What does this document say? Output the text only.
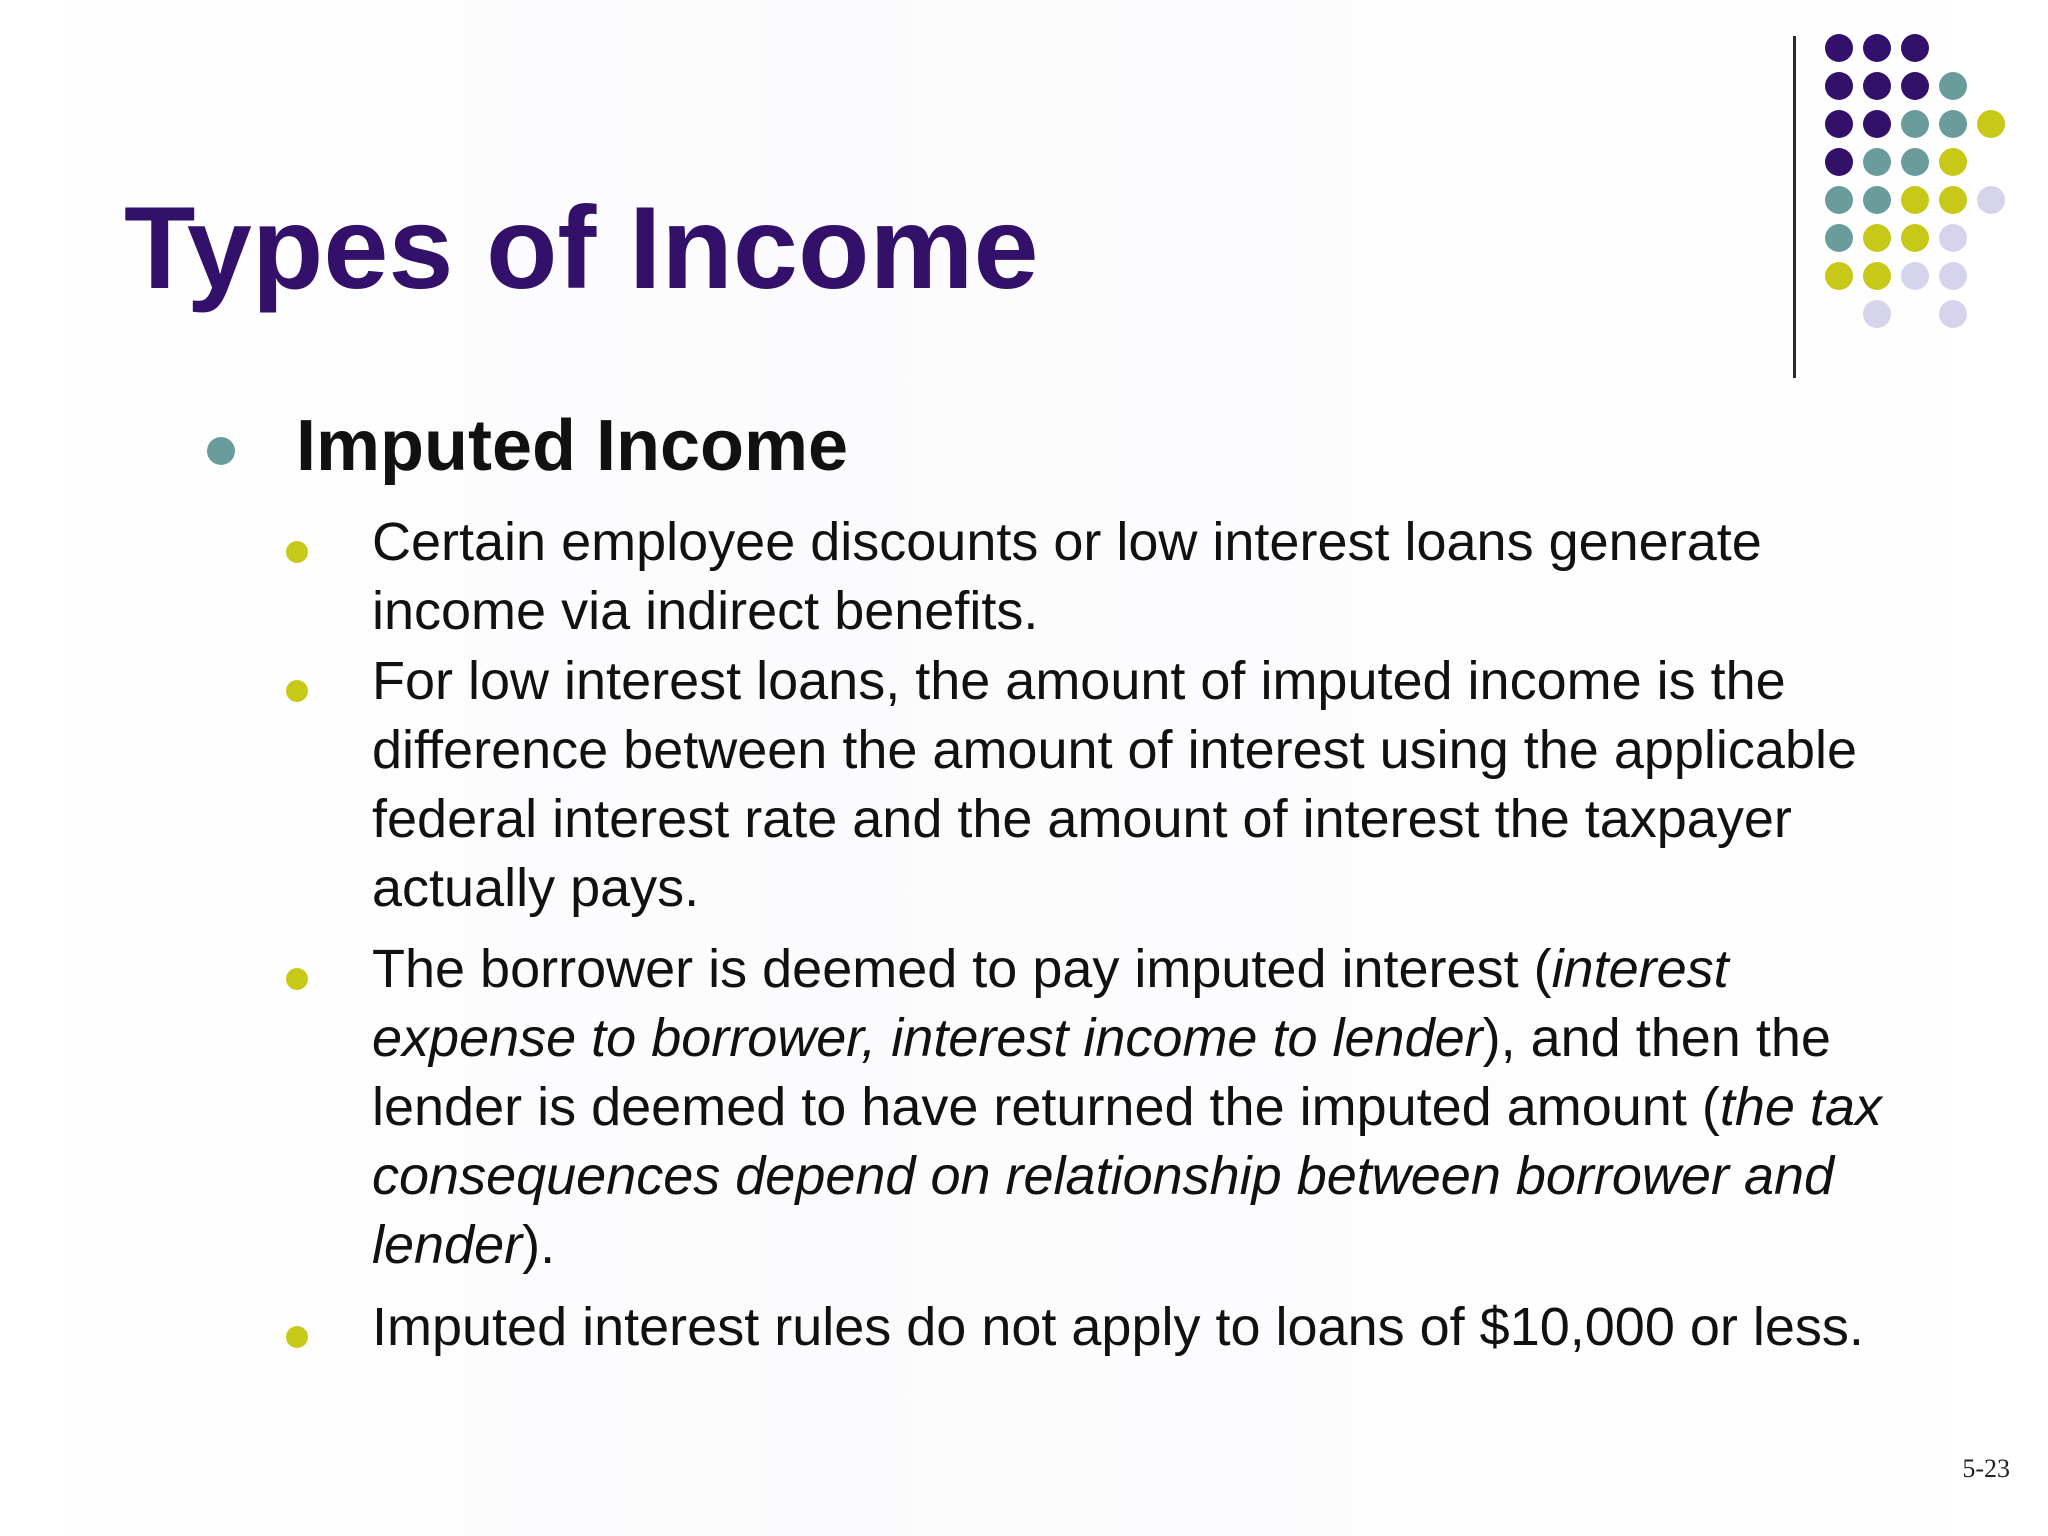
Types of Income
Imputed Income
Certain employee discounts or low interest loans generate income via indirect benefits.
For low interest loans, the amount of imputed income is the difference between the amount of interest using the applicable federal interest rate and the amount of interest the taxpayer actually pays.
The borrower is deemed to pay imputed interest (interest expense to borrower, interest income to lender), and then the lender is deemed to have returned the imputed amount (the tax consequences depend on relationship between borrower and lender).
Imputed interest rules do not apply to loans of $10,000 or less.
5-23
